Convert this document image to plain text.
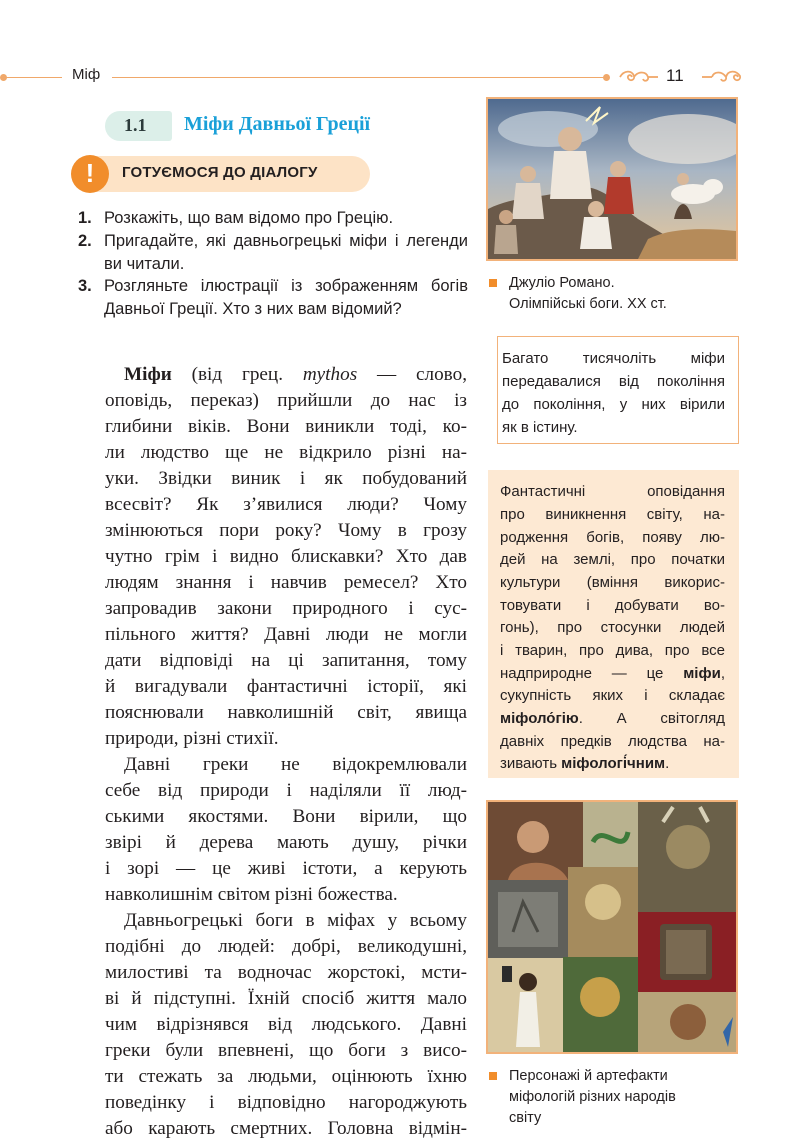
Міф	11
1.1 Міфи Давньої Греції
!	ГОТУЄМОСЯ ДО ДІАЛОГУ
1. Розкажіть, що вам відомо про Грецію.
2. Пригадайте, які давньогрецькі міфи і легенди ви читали.
3. Розгляньте ілюстрації із зображенням богів Давньої Греції. Хто з них вам відомий?
Міфи (від грец. mythos — слово,
оповідь, переказ) прийшли до нас із
глибини віків. Вони виникли тоді, ко-
ли людство ще не відкрило різні на-
уки. Звідки виник і як побудований
всесвіт? Як з’явилися люди? Чому
змінюються пори року? Чому в грозу
чутно грім і видно блискавки? Хто дав
людям знання і навчив ремесел? Хто
запровадив закони природного і сус-
пільного життя? Давні люди не могли
дати відповіді на ці запитання, тому
й вигадували фантастичні історії, які
пояснювали навколишній світ, явища
природи, різні стихії.
Давні греки не відокремлювали
себе від природи і наділяли її люд-
ськими якостями. Вони вірили, що
звірі й дерева мають душу, річки
і зорі — це живі істоти, а керують
навколишнім світом різні божества.
Давньогрецькі боги в міфах у всьому
подібні до людей: добрі, великодушні,
милостиві та водночас жорстокі, мсти-
ві й підступні. Їхній спосіб життя мало
чим відрізнявся від людського. Давні
греки були впевнені, що боги з висо-
ти стежать за людьми, оцінюють їхню
поведінку і відповідно нагороджують
Джуліо Романо.
Олімпійські боги. XX ст.
Багато тисячоліть міфи
передавалися від покоління
до покоління, у них вірили
як в істину.
Фантастичні оповідання
про виникнення світу, на-
родження богів, появу лю-
дей на землі, про початки
культури (вміння викорис-
товувати і добувати во-
гонь), про стосунки людей
і тварин, про дива, про все
надприродне — це міфи,
сукупність яких і складає
міфоло́гію. А світогляд
давніх предків людства на-
зивають міфологі́чним.
Персонажі й артефакти
міфологій різних народів
світу
або карають смертних. Головна відмін-
